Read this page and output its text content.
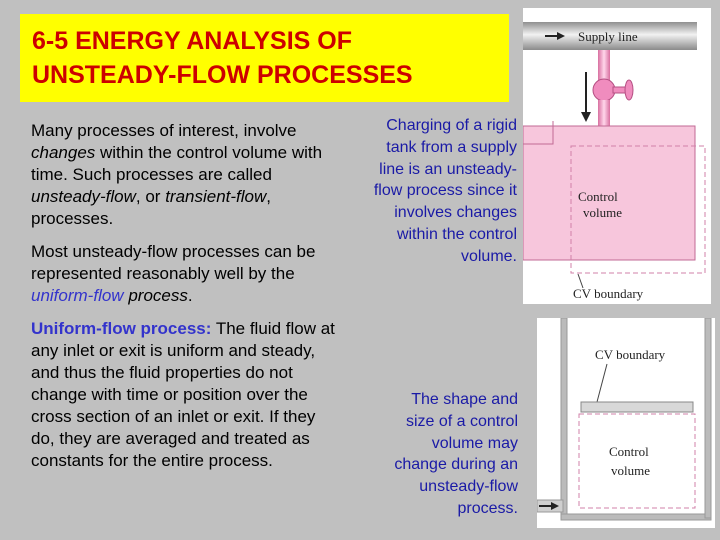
6-5 ENERGY ANALYSIS OF
UNSTEADY-FLOW PROCESSES
Many processes of interest, involve changes within the control volume with time. Such processes are called unsteady-flow, or transient-flow, processes.
Most unsteady-flow processes can be represented reasonably well by the uniform-flow process.
Uniform-flow process: The fluid flow at any inlet or exit is uniform and steady, and thus the fluid properties do not change with time or position over the cross section of an inlet or exit. If they do, they are averaged and treated as constants for the entire process.
Charging of a rigid
tank from a supply
line is an unsteady-
flow process since it
involves changes
within the control
volume.
The shape and
size of a control
volume may
change during an
unsteady-flow
process.
Supply line
Control
volume
CV boundary
CV boundary
Control
volume
